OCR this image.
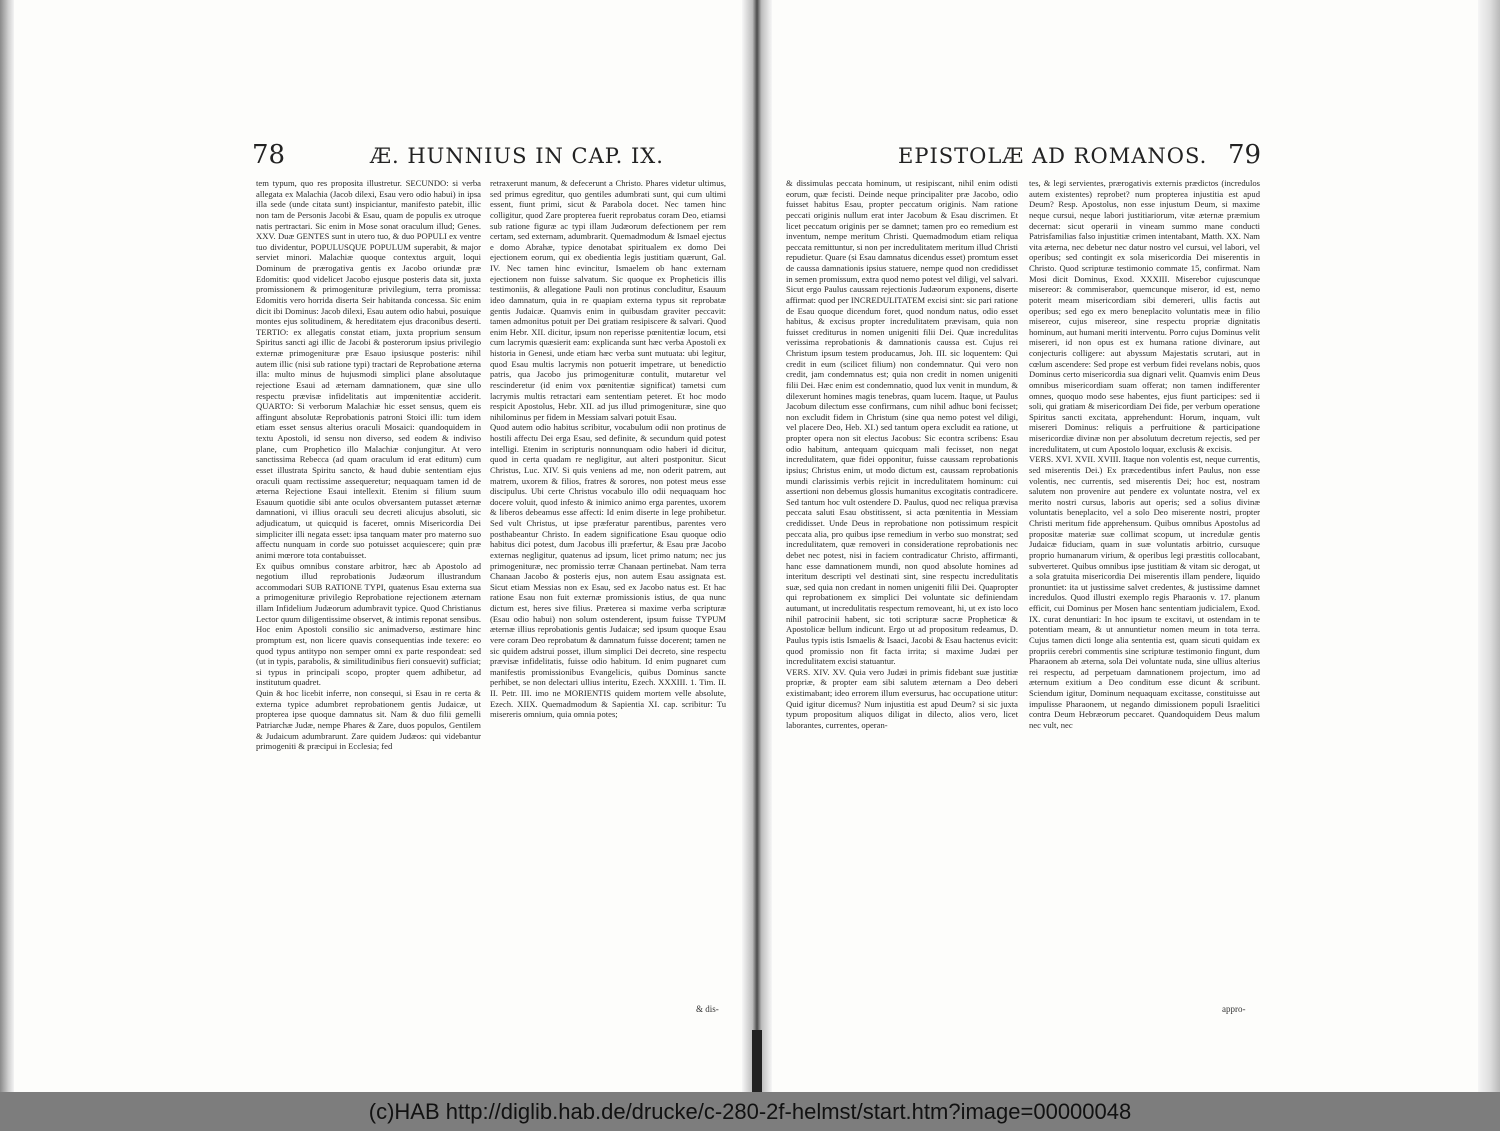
78	Æ. HUNNIUS IN CAP. IX.

tem typum, quo res proposita illustretur. SECUNDO: si verba allegata ex Malachia (Jacob dilexi, Esau vero odio habui) in ipsa illa sede (unde citata sunt) inspiciantur, manifesto patebit, illic non tam de Personis Jacobi & Esau, quam de populis ex utroque natis pertractari. Sic enim in Mose sonat oraculum illud; Genes. XXV. Duæ GENTES sunt in utero tuo, & duo POPULI ex ventre tuo dividentur, POPULUSQUE POPULUM superabit, & major serviet minori. Malachiæ quoque contextus arguit, loqui Dominum de prærogativa gentis ex Jacobo oriundæ præ Edomitis: quod videlicet Jacobo ejusque posteris data sit, juxta promissionem & primogenituræ privilegium, terra promissa: Edomitis vero horrida diserta Seir habitanda concessa. Sic enim dicit ibi Dominus: Jacob dilexi, Esau autem odio habui, posuique montes ejus solitudinem, & hereditatem ejus draconibus deserti. TERTIO: ex allegatis constat etiam, juxta proprium sensum Spiritus sancti agi illic de Jacobi & posterorum ipsius privilegio externæ primogenituræ præ Esauo ipsiusque posteris: nihil autem illic (nisi sub ratione typi) tractari de Reprobatione æterna illa: multo minus de hujusmodi simplici plane absolutaque rejectione Esaui ad æternam damnationem, quæ sine ullo respectu prævisæ infidelitatis aut impœnitentiæ acciderit. QUARTO: Si verborum Malachiæ hic esset sensus, quem eis affingunt absolutæ Reprobationis patroni Stoici illi: tum idem etiam esset sensus alterius oraculi Mosaici: quandoquidem in textu Apostoli, id sensu non diverso, sed eodem & indiviso plane, cum Prophetico illo Malachiæ conjungitur. At vero sanctissima Rebecca (ad quam oraculum id erat editum) cum esset illustrata Spiritu sancto, & haud dubie sententiam ejus oraculi quam rectissime assequeretur; nequaquam tamen id de æterna Rejectione Esaui intellexit. Etenim si filium suum Esauum quotidie sibi ante oculos obversantem putasset æternæ damnationi, vi illius oraculi seu decreti alicujus absoluti, sic adjudicatum, ut quicquid is faceret, omnis Misericordia Dei simpliciter illi negata esset: ipsa tanquam mater pro materno suo affectu nunquam in corde suo potuisset acquiescere; quin præ animi mœrore tota contabuisset.
Ex quibus omnibus constare arbitror, hæc ab Apostolo ad negotium illud reprobationis Judæorum illustrandum accommodari SUB RATIONE TYPI, quatenus Esau externa sua a primogenituræ privilegio Reprobatione rejectionem æternam illam Infidelium Judæorum adumbravit typice. Quod Christianus Lector quum diligentissime observet, & intimis reponat sensibus. Hoc enim Apostoli consilio sic animadverso, æstimare hinc promptum est, non licere quavis consequentias inde texere: eo quod typus antitypo non semper omni ex parte respondeat: sed (ut in typis, parabolis, & similitudinibus fieri consuevit) sufficiat; si typus in principali scopo, propter quem adhibetur, ad institutum quadret.
Quin & hoc licebit inferre, non consequi, si Esau in re certa & externa typice adumbret reprobationem gentis Judaicæ, ut propterea ipse quoque damnatus sit. Nam & duo filii gemelli Patriarchæ Judæ, nempe Phares & Zare, duos populos, Gentilem & Judaicum adumbrarunt. Zare quidem Judæos: qui videbantur primogeniti & præcipui in Ecclesia; fed

retraxerunt manum, & defecerunt a Christo. Phares videtur ultimus, sed primus egreditur, quo gentiles adumbrati sunt, qui cum ultimi essent, fiunt primi, sicut & Parabola docet. Nec tamen hinc colligitur, quod Zare propterea fuerit reprobatus coram Deo, etiamsi sub ratione figuræ ac typi illam Judæorum defectionem per rem certam, sed externam, adumbrarit. Quemadmodum & Ismael ejectus e domo Abrahæ, typice denotabat spiritualem ex domo Dei ejectionem eorum, qui ex obedientia legis justitiam quærunt, Gal. IV. Nec tamen hinc evincitur, Ismaelem ob hanc externam ejectionem non fuisse salvatum. Sic quoque ex Propheticis illis testimoniis, & allegatione Pauli non protinus concluditur, Esauum ideo damnatum, quia in re quapiam externa typus sit reprobatæ gentis Judaicæ. Quamvis enim in quibusdam graviter peccavit: tamen admonitus potuit per Dei gratiam resipiscere & salvari. Quod enim Hebr. XII. dicitur, ipsum non reperisse pœnitentiæ locum, etsi cum lacrymis quæsierit eam: explicanda sunt hæc verba Apostoli ex historia in Genesi, unde etiam hæc verba sunt mutuata: ubi legitur, quod Esau multis lacrymis non potuerit impetrare, ut benedictio patris, qua Jacobo jus primogenituræ contulit, mutaretur vel rescinderetur (id enim vox pœnitentiæ significat) tametsi cum lacrymis multis retractari eam sententiam peteret. Et hoc modo respicit Apostolus, Hebr. XII. ad jus illud primogenituræ, sine quo nihilominus per fidem in Messiam salvari potuit Esau.
Quod autem odio habitus scribitur, vocabulum odii non protinus de hostili affectu Dei erga Esau, sed definite, & secundum quid potest intelligi. Etenim in scripturis nonnunquam odio haberi id dicitur, quod in certa quadam re negligitur, aut alteri postponitur. Sicut Christus, Luc. XIV. Si quis veniens ad me, non oderit patrem, aut matrem, uxorem & filios, fratres & sorores, non potest meus esse discipulus. Ubi certe Christus vocabulo illo odii nequaquam hoc docere voluit, quod infesto & inimico animo erga parentes, uxorem & liberos debeamus esse affecti: Id enim diserte in lege prohibetur. Sed vult Christus, ut ipse præferatur parentibus, parentes vero posthabeantur Christo. In eadem significatione Esau quoque odio habitus dici potest, dum Jacobus illi præfertur, & Esau præ Jacobo externas negligitur, quatenus ad ipsum, licet primo natum; nec jus primogenituræ, nec promissio terræ Chanaan pertinebat. Nam terra Chanaan Jacobo & posteris ejus, non autem Esau assignata est. Sicut etiam Messias non ex Esau, sed ex Jacobo natus est. Et hac ratione Esau non fuit externæ promissionis istius, de qua nunc dictum est, heres sive filius. Præterea si maxime verba scripturæ (Esau odio habui) non solum ostenderent, ipsum fuisse TYPUM æternæ illius reprobationis gentis Judaicæ; sed ipsum quoque Esau vere coram Deo reprobatum & damnatum fuisse docerent; tamen ne sic quidem adstrui posset, illum simplici Dei decreto, sine respectu prævisæ infidelitatis, fuisse odio habitum. Id enim pugnaret cum manifestis promissionibus Evangelicis, quibus Dominus sancte perhibet, se non delectari ullius interitu, Ezech. XXXIII. 1. Tim. II. II. Petr. III. imo ne MORIENTIS quidem mortem velle absolute, Ezech. XIIX. Quemadmodum & Sapientia XI. cap. scribitur: Tu misereris omnium, quia omnia potes;

& dis-
EPISTOLÆ AD ROMANOS. 79

& dissimulas peccata hominum, ut resipiscant, nihil enim odisti eorum, quæ fecisti. Deinde neque principaliter præ Jacobo, odio fuisset habitus Esau, propter peccatum originis. Nam ratione peccati originis nullum erat inter Jacobum & Esau discrimen. Et licet peccatum originis per se damnet; tamen pro eo remedium est inventum, nempe meritum Christi. Quemadmodum etiam reliqua peccata remittuntur, si non per incredulitatem meritum illud Christi repudietur. Quare (si Esau damnatus dicendus esset) promtum esset de caussa damnationis ipsius statuere, nempe quod non credidisset in semen promissum, extra quod nemo potest vel diligi, vel salvari. Sicut ergo Paulus caussam rejectionis Judæorum exponens, diserte affirmat: quod per INCREDULITATEM excisi sint: sic pari ratione de Esau quoque dicendum foret, quod nondum natus, odio esset habitus, & excisus propter incredulitatem prævisam, quia non fuisset crediturus in nomen unigeniti filii Dei. Quæ incredulitas verissima reprobationis & damnationis caussa est. Cujus rei Christum ipsum testem producamus, Joh. III. sic loquentem: Qui credit in eum (scilicet filium) non condemnatur. Qui vero non credit, jam condemnatus est; quia non credit in nomen unigeniti filii Dei. Hæc enim est condemnatio, quod lux venit in mundum, & dilexerunt homines magis tenebras, quam lucem. Itaque, ut Paulus Jacobum dilectum esse confirmans, cum nihil adhuc boni fecisset; non excludit fidem in Christum (sine qua nemo potest vel diligi, vel placere Deo, Heb. XI.) sed tantum opera excludit ea ratione, ut propter opera non sit electus Jacobus: Sic econtra scribens: Esau odio habitum, antequam quicquam mali fecisset, non negat incredulitatem, quæ fidei opponitur, fuisse caussam reprobationis ipsius; Christus enim, ut modo dictum est, caussam reprobationis mundi clarissimis verbis rejicit in incredulitatem hominum: cui assertioni non debemus glossis humanitus excogitatis contradicere. Sed tantum hoc vult ostendere D. Paulus, quod nec reliqua prævisa peccata saluti Esau obstitissent, si acta pœnitentia in Messiam credidisset. Unde Deus in reprobatione non potissimum respicit peccata alia, pro quibus ipse remedium in verbo suo monstrat; sed incredulitatem, quæ removeri in consideratione reprobationis nec debet nec potest, nisi in faciem contradicatur Christo, affirmanti, hanc esse damnationem mundi, non quod absolute homines ad interitum descripti vel destinati sint, sine respectu incredulitatis suæ, sed quia non credant in nomen unigeniti filii Dei. Quapropter qui reprobationem ex simplici Dei voluntate sic definiendam autumant, ut incredulitatis respectum removeant, hi, ut ex isto loco nihil patrocinii habent, sic toti scripturæ sacræ Propheticæ & Apostolicæ bellum indicunt. Ergo ut ad propositum redeamus, D. Paulus typis istis Ismaelis & Isaaci, Jacobi & Esau hactenus evicit: quod promissio non fit facta irrita; si maxime Judæi per incredulitatem excisi statuantur.
VERS. XIV. XV. Quia vero Judæi in primis fidebant suæ justitiæ propriæ, & propter eam sibi salutem æternam a Deo deberi existimabant; ideo errorem illum eversurus, hac occupatione utitur: Quid igitur dicemus? Num injustitia est apud Deum? si sic juxta typum propositum aliquos diligat in dilecto, alios vero, licet laborantes, currentes, operan-

tes, & legi servientes, prærogativis externis prædictos (incredulos autem existentes) reprobet? num propterea injustitia est apud Deum? Resp. Apostolus, non esse injustum Deum, si maxime neque cursui, neque labori justitiariorum, vitæ æternæ præmium decernat: sicut operarii in vineam summo mane conducti Patrisfamilias falso injustitiæ crimen intentabant, Matth. XX. Nam vita æterna, nec debetur nec datur nostro vel cursui, vel labori, vel operibus; sed contingit ex sola misericordia Dei miserentis in Christo. Quod scripturæ testimonio commate 15, confirmat. Nam Mosi dicit Dominus, Exod. XXXIII. Miserebor cujuscunque misereor: & commiserabor, quemcunque miseror, id est, nemo poterit meam misericordiam sibi demereri, ullis factis aut operibus; sed ego ex mero beneplacito voluntatis meæ in filio misereor, cujus misereor, sine respectu propriæ dignitatis hominum, aut humani meriti interventu. Porro cujus Dominus velit misereri, id non opus est ex humana ratione divinare, aut conjecturis colligere: aut abyssum Majestatis scrutari, aut in cœlum ascendere: Sed prope est verbum fidei revelans nobis, quos Dominus certo misericordia sua dignari velit. Quamvis enim Deus omnibus misericordiam suam offerat; non tamen indifferenter omnes, quoquo modo sese habentes, ejus fiunt participes: sed ii soli, qui gratiam & misericordiam Dei fide, per verbum operatione Spiritus sancti excitata, apprehendunt: Horum, inquam, vult misereri Dominus: reliquis a perfruitione & participatione misericordiæ divinæ non per absolutum decretum rejectis, sed per incredulitatem, ut cum Apostolo loquar, exclusis & excisis.
VERS. XVI. XVII. XVIII. Itaque non volentis est, neque currentis, sed miserentis Dei.) Ex præcedentibus infert Paulus, non esse volentis, nec currentis, sed miserentis Dei; hoc est, nostram salutem non provenire aut pendere ex voluntate nostra, vel ex merito nostri cursus, laboris aut operis; sed a solius divinæ voluntatis beneplacito, vel a solo Deo miserente nostri, propter Christi meritum fide apprehensum. Quibus omnibus Apostolus ad propositæ materiæ suæ collimat scopum, ut incredulæ gentis Judaicæ fiduciam, quam in suæ voluntatis arbitrio, cursuque proprio humanarum virium, & operibus legi præstitis collocabant, subverteret. Quibus omnibus ipse justitiam & vitam sic derogat, ut a sola gratuita misericordia Dei miserentis illam pendere, liquido pronuntiet: ita ut justissime salvet credentes, & justissime damnet incredulos. Quod illustri exemplo regis Pharaonis v. 17. planum efficit, cui Dominus per Mosen hanc sententiam judicialem, Exod. IX. curat denuntiari: In hoc ipsum te excitavi, ut ostendam in te potentiam meam, & ut annuntietur nomen meum in tota terra. Cujus tamen dicti longe alia sententia est, quam sicuti quidam ex propriis cerebri commentis sine scripturæ testimonio fingunt, dum Pharaonem ab æterna, sola Dei voluntate nuda, sine ullius alterius rei respectu, ad perpetuam damnationem projectum, imo ad æternum exitium a Deo conditum esse dicunt & scribunt. Sciendum igitur, Dominum nequaquam excitasse, constituisse aut impulisse Pharaonem, ut negando dimissionem populi Israelitici contra Deum Hebræorum peccaret. Quandoquidem Deus malum nec vult, nec

appro-
(c)HAB http://diglib.hab.de/drucke/c-280-2f-helmst/start.htm?image=00000048
